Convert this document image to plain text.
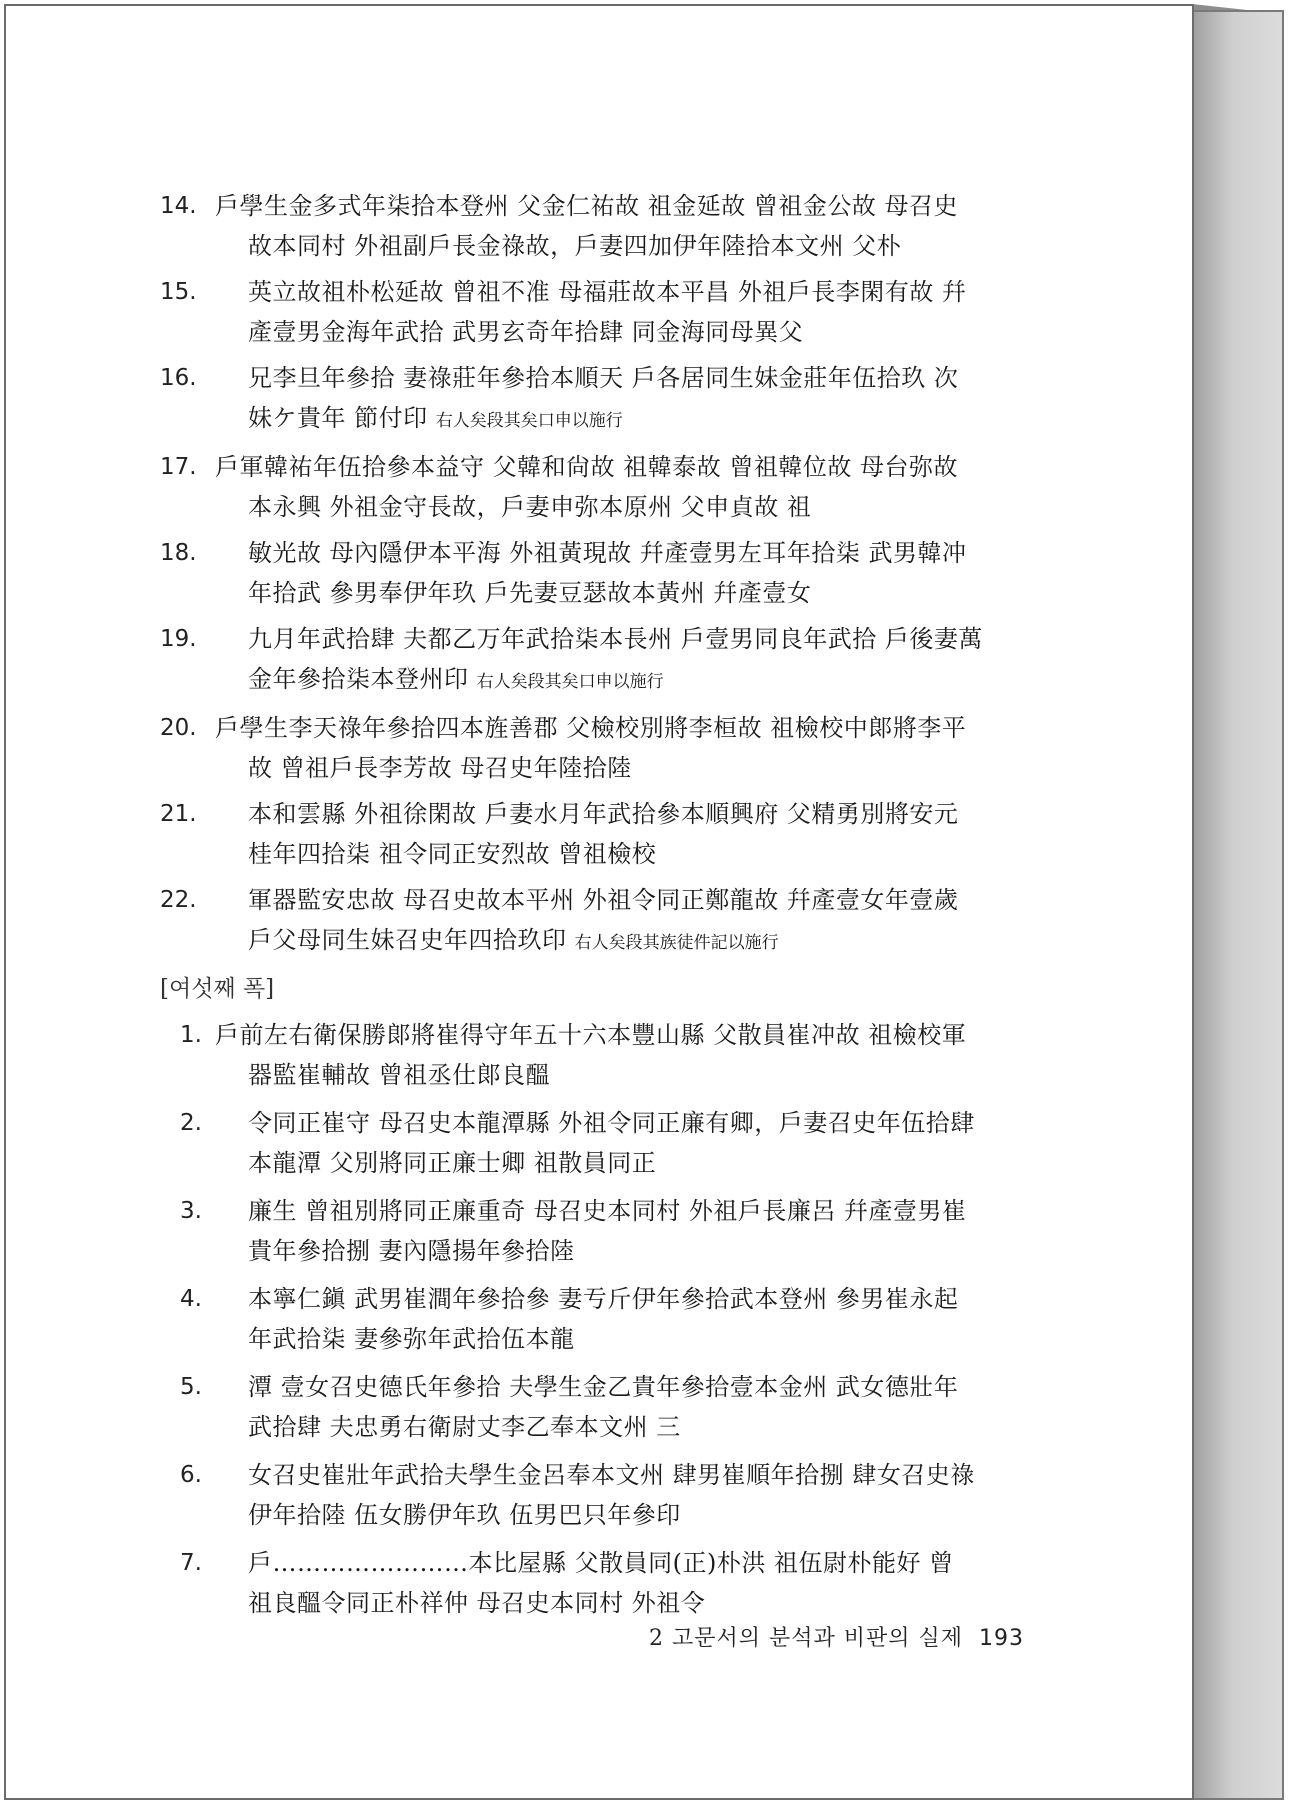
14. 戶學生金多式年柒拾本登州 父金仁祐故 祖金延故 曾祖金公故 母召史
故本同村 外祖副戶長金祿故，戶妻四加伊年陸拾本文州 父朴
15. 英立故祖朴松延故 曾祖不准 母福莊故本平昌 外祖戶長李閑有故 幷
產壹男金海年武拾 武男玄奇年拾肆 同金海同母異父
16. 兄李旦年參拾 妻祿莊年參拾本順天 戶各居同生妹金莊年伍拾玖 次
妹ケ貴年 節付印 右人矣段其矣口申以施行
17. 戶軍韓祐年伍拾參本益守 父韓和尙故 祖韓泰故 曾祖韓位故 母台弥故
本永興 外祖金守長故，戶妻申弥本原州 父申貞故 祖
18. 敏光故 母內隱伊本平海 外祖黃現故 幷產壹男左耳年拾柒 武男韓冲
年拾武 參男奉伊年玖 戶先妻豆瑟故本黃州 幷產壹女
19. 九月年武拾肆 夫都乙万年武拾柒本長州 戶壹男同良年武拾 戶後妻萬
金年參拾柒本登州印 右人矣段其矣口申以施行
20. 戶學生李天祿年參拾四本旌善郡 父檢校別將李桓故 祖檢校中郞將李平
故 曾祖戶長李芳故 母召史年陸拾陸
21. 本和雲縣 外祖徐閑故 戶妻水月年武拾參本順興府 父精勇別將安元
桂年四拾柒 祖令同正安烈故 曾祖檢校
22. 軍器監安忠故 母召史故本平州 外祖令同正鄭龍故 幷產壹女年壹歲
戶父母同生妹召史年四拾玖印 右人矣段其族徒件記以施行
[여섯째 폭]
1. 戶前左右衛保勝郞將崔得守年五十六本豐山縣 父散員崔冲故 祖檢校軍
器監崔輔故 曾祖丞仕郞良醞
2. 令同正崔守 母召史本龍潭縣 外祖令同正廉有卿，戶妻召史年伍拾肆
本龍潭 父別將同正廉士卿 祖散員同正
3. 廉生 曾祖別將同正廉重奇 母召史本同村 外祖戶長廉呂 幷產壹男崔
貴年參拾捌 妻內隱揚年參拾陸
4. 本寧仁鎭 武男崔澗年參拾參 妻亐斤伊年參拾武本登州 參男崔永起
年武拾柒 妻參弥年武拾伍本龍
5. 潭 壹女召史德氏年參拾 夫學生金乙貴年參拾壹本金州 武女德壯年
武拾肆 夫忠勇右衛尉丈李乙奉本文州 三
6. 女召史崔壯年武拾夫學生金呂奉本文州 肆男崔順年拾捌 肆女召史祿
伊年拾陸 伍女勝伊年玖 伍男巴只年參印
7. 戶……………………本比屋縣 父散員同(正)朴洪 祖伍尉朴能好 曾
祖良醞令同正朴祥仲 母召史本同村 外祖令
2 고문서의 분석과 비판의 실제 193
